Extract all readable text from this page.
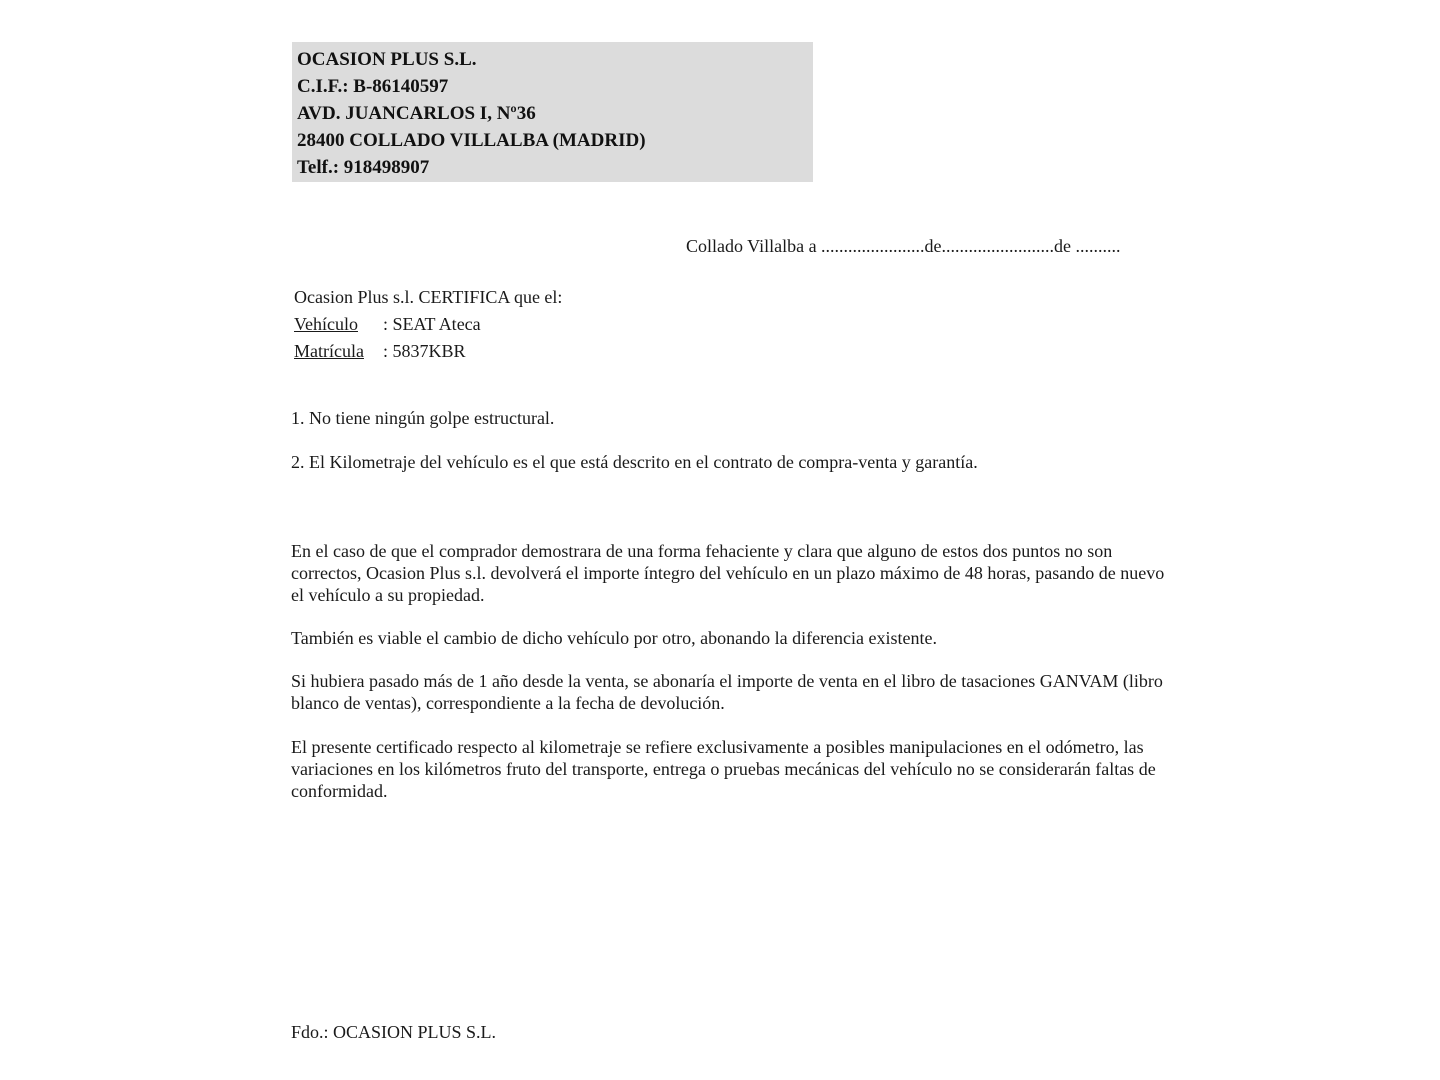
OCASION PLUS S.L.
C.I.F.: B-86140597
AVD. JUANCARLOS I, Nº36
28400 COLLADO VILLALBA (MADRID)
Telf.: 918498907
Collado Villalba a .......................de.........................de ..........
Ocasion Plus s.l. CERTIFICA que el:
Vehículo : SEAT Ateca
Matrícula : 5837KBR
1. No tiene ningún golpe estructural.
2. El Kilometraje del vehículo es el que está descrito en el contrato de compra-venta y garantía.
En el caso de que el comprador demostrara de una forma fehaciente y clara que alguno de estos dos puntos no son correctos, Ocasion Plus s.l. devolverá el importe íntegro del vehículo en un plazo máximo de 48 horas, pasando de nuevo el vehículo a su propiedad.
También es viable el cambio de dicho vehículo por otro, abonando la diferencia existente.
Si hubiera pasado más de 1 año desde la venta, se abonaría el importe de venta en el libro de tasaciones GANVAM (libro blanco de ventas), correspondiente a la fecha de devolución.
El presente certificado respecto al kilometraje se refiere exclusivamente a posibles manipulaciones en el odómetro, las variaciones en los kilómetros fruto del transporte, entrega o pruebas mecánicas del vehículo no se considerarán faltas de conformidad.
Fdo.: OCASION PLUS S.L.
